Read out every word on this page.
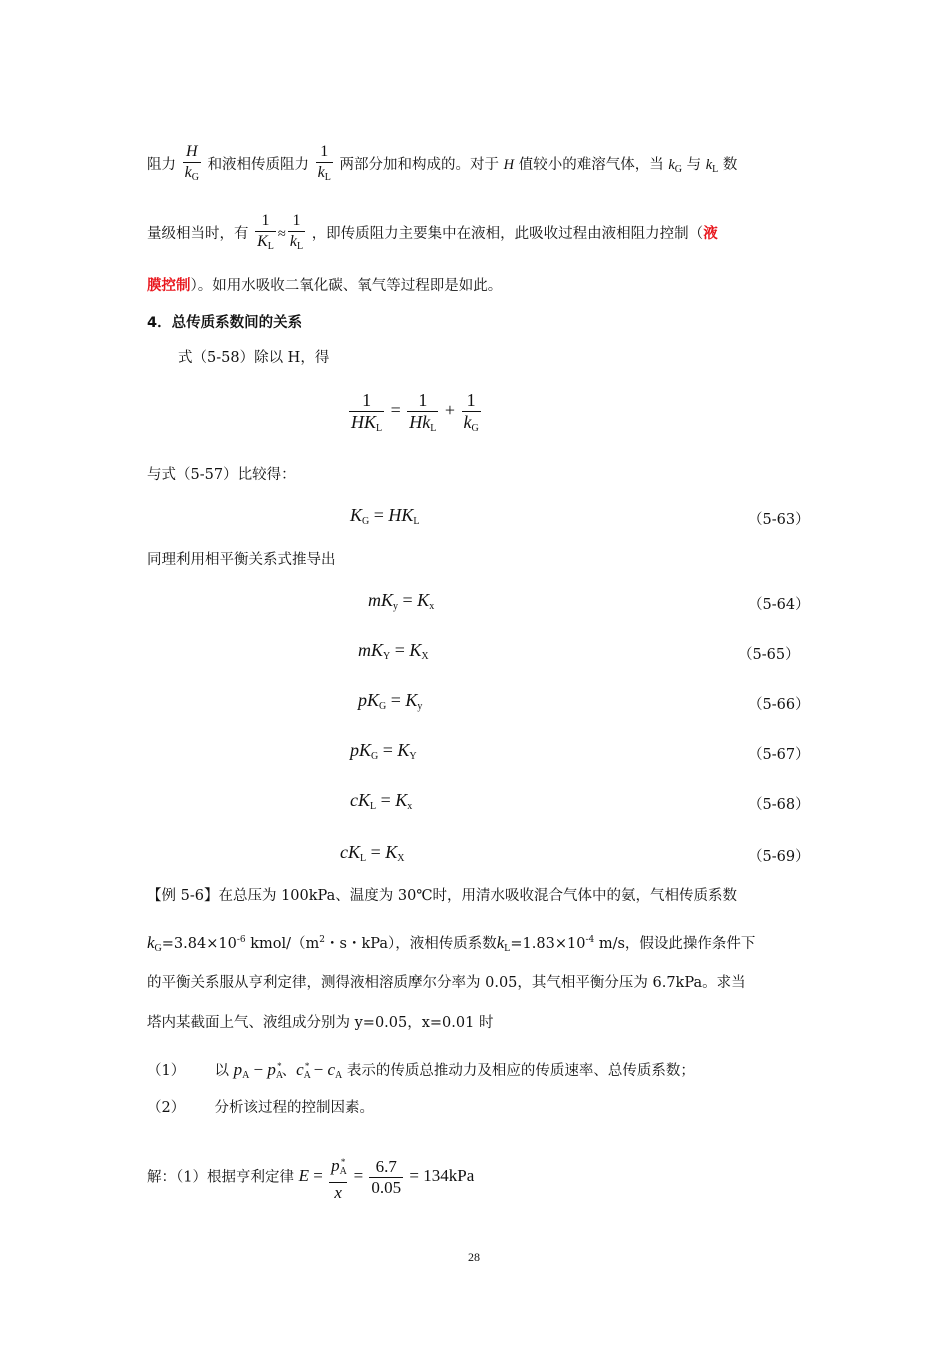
阻力 $\frac{H}{k_G}$ 和液相传质阻力 $\frac{1}{k_L}$ 两部分加和构成的。对于 H 值较小的难溶气体，当 $k_G$ 与 $k_L$ 数
量级相当时，有 $\frac{1}{K_L} \approx \frac{1}{k_L}$ ，即传质阻力主要集中在液相，此吸收过程由液相阻力控制（液
膜控制）。如用水吸收二氧化碳、氧气等过程即是如此。
4．总传质系数间的关系
式（5-58）除以 H，得
$\frac{1}{HK_L} = \frac{1}{Hk_L} + \frac{1}{k_G}$
与式（5-57）比较得：
$K_G = HK_L$	（5-63）
同理利用相平衡关系式推导出
$mK_y = K_x$	（5-64）
$mK_Y = K_X$	（5-65）
$pK_G = K_y$	（5-66）
$pK_G = K_Y$	（5-67）
$cK_L = K_x$	（5-68）
$cK_L = K_X$	（5-69）
【例 5-6】在总压为 100kPa、温度为 30℃时，用清水吸收混合气体中的氨，气相传质系数
$k_G=3.84\times 10^{-6}$ kmol/（$m^2$・s・kPa），液相传质系数$k_L=1.83\times 10^{-4}$ m/s，假设此操作条件下
的平衡关系服从亨利定律，测得液相溶质摩尔分率为 0.05，其气相平衡分压为 6.7kPa。求当
塔内某截面上气、液组成分别为 y=0.05，x=0.01 时
（1） 以 $p_A - p_A^*$、$c_A^* - c_A$ 表示的传质总推动力及相应的传质速率、总传质系数；
（2） 分析该过程的控制因素。
解：（1）根据亨利定律 $E = \frac{p_A^*}{x} = \frac{6.7}{0.05} = 134kPa$
28
